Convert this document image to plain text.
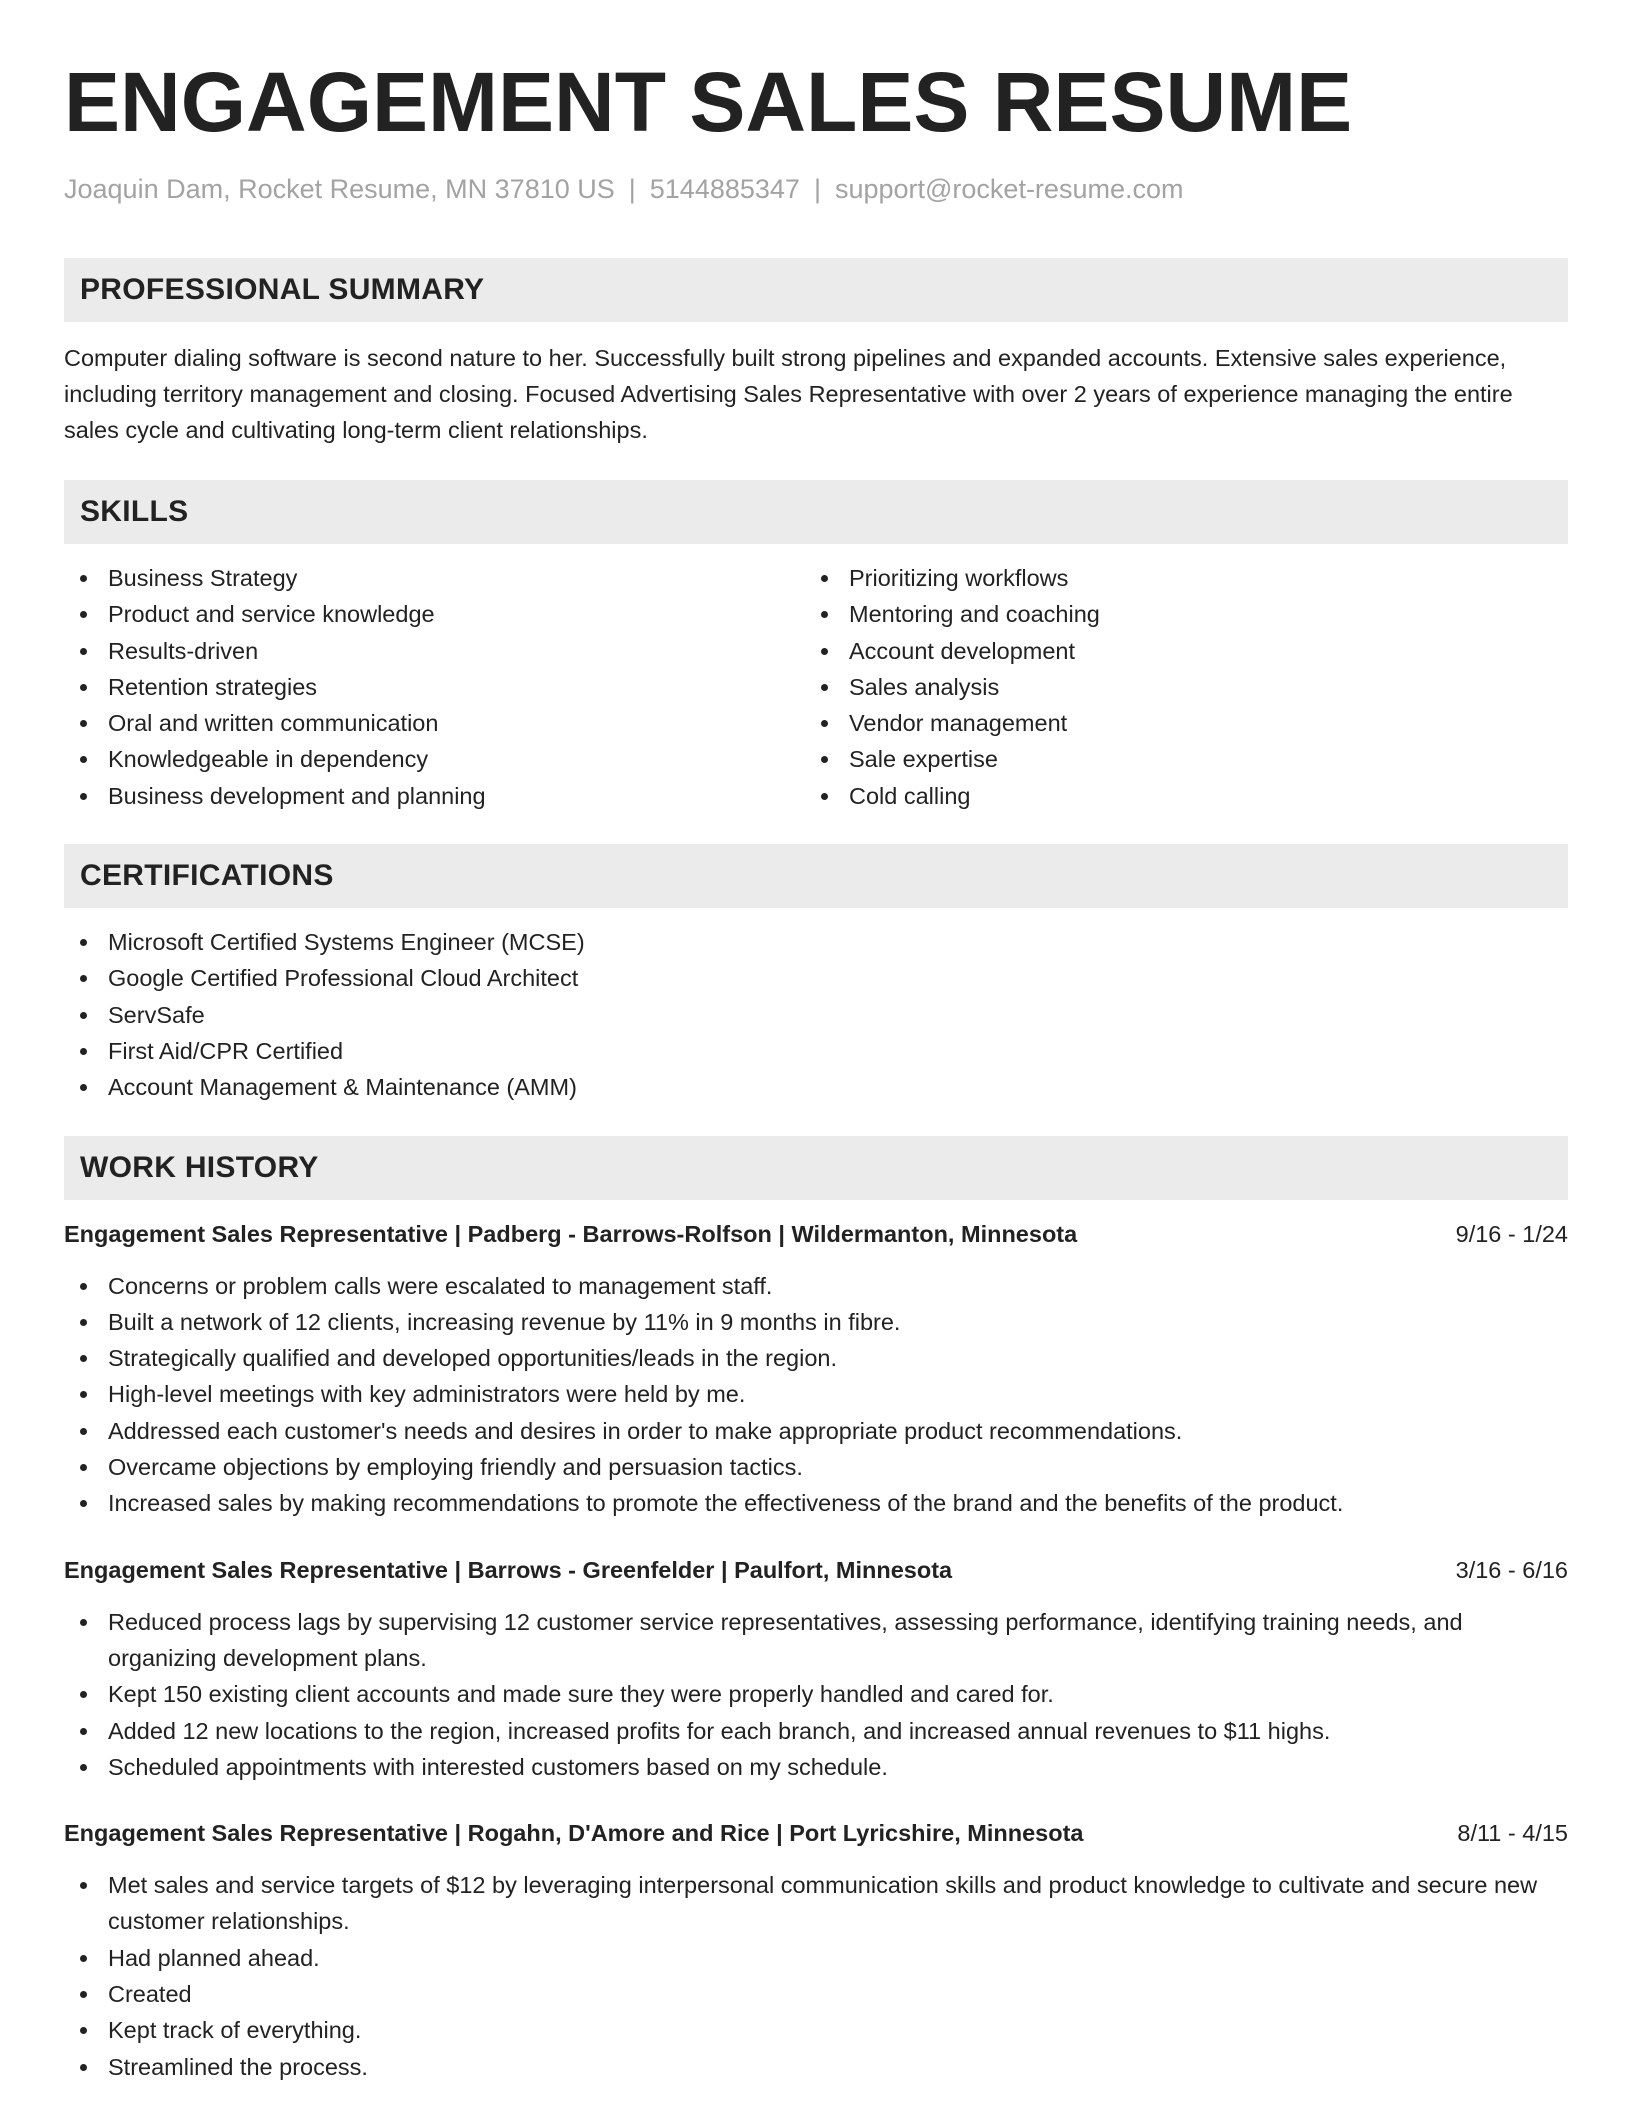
ENGAGEMENT SALES RESUME
Joaquin Dam, Rocket Resume, MN 37810 US | 5144885347 | support@rocket-resume.com
PROFESSIONAL SUMMARY

Computer dialing software is second nature to her. Successfully built strong pipelines and expanded accounts. Extensive sales experience, including territory management and closing. Focused Advertising Sales Representative with over 2 years of experience managing the entire sales cycle and cultivating long-term client relationships.

SKILLS
Business Strategy
Product and service knowledge
Results-driven
Retention strategies
Oral and written communication
Knowledgeable in dependency
Business development and planning
Prioritizing workflows
Mentoring and coaching
Account development
Sales analysis
Vendor management
Sale expertise
Cold calling
CERTIFICATIONS
Microsoft Certified Systems Engineer (MCSE)
Google Certified Professional Cloud Architect
ServSafe
First Aid/CPR Certified
Account Management & Maintenance (AMM)
WORK HISTORY
Engagement Sales Representative | Padberg - Barrows-Rolfson | Wildermanton, Minnesota	9/16 - 1/24
Concerns or problem calls were escalated to management staff.
Built a network of 12 clients, increasing revenue by 11% in 9 months in fibre.
Strategically qualified and developed opportunities/leads in the region.
High-level meetings with key administrators were held by me.
Addressed each customer's needs and desires in order to make appropriate product recommendations.
Overcame objections by employing friendly and persuasion tactics.
Increased sales by making recommendations to promote the effectiveness of the brand and the benefits of the product.
Engagement Sales Representative | Barrows - Greenfelder | Paulfort, Minnesota	3/16 - 6/16
Reduced process lags by supervising 12 customer service representatives, assessing performance, identifying training needs, and organizing development plans.
Kept 150 existing client accounts and made sure they were properly handled and cared for.
Added 12 new locations to the region, increased profits for each branch, and increased annual revenues to $11 highs.
Scheduled appointments with interested customers based on my schedule.
Engagement Sales Representative | Rogahn, D'Amore and Rice | Port Lyricshire, Minnesota	8/11 - 4/15
Met sales and service targets of $12 by leveraging interpersonal communication skills and product knowledge to cultivate and secure new customer relationships.
Had planned ahead.
Created
Kept track of everything.
Streamlined the process.
